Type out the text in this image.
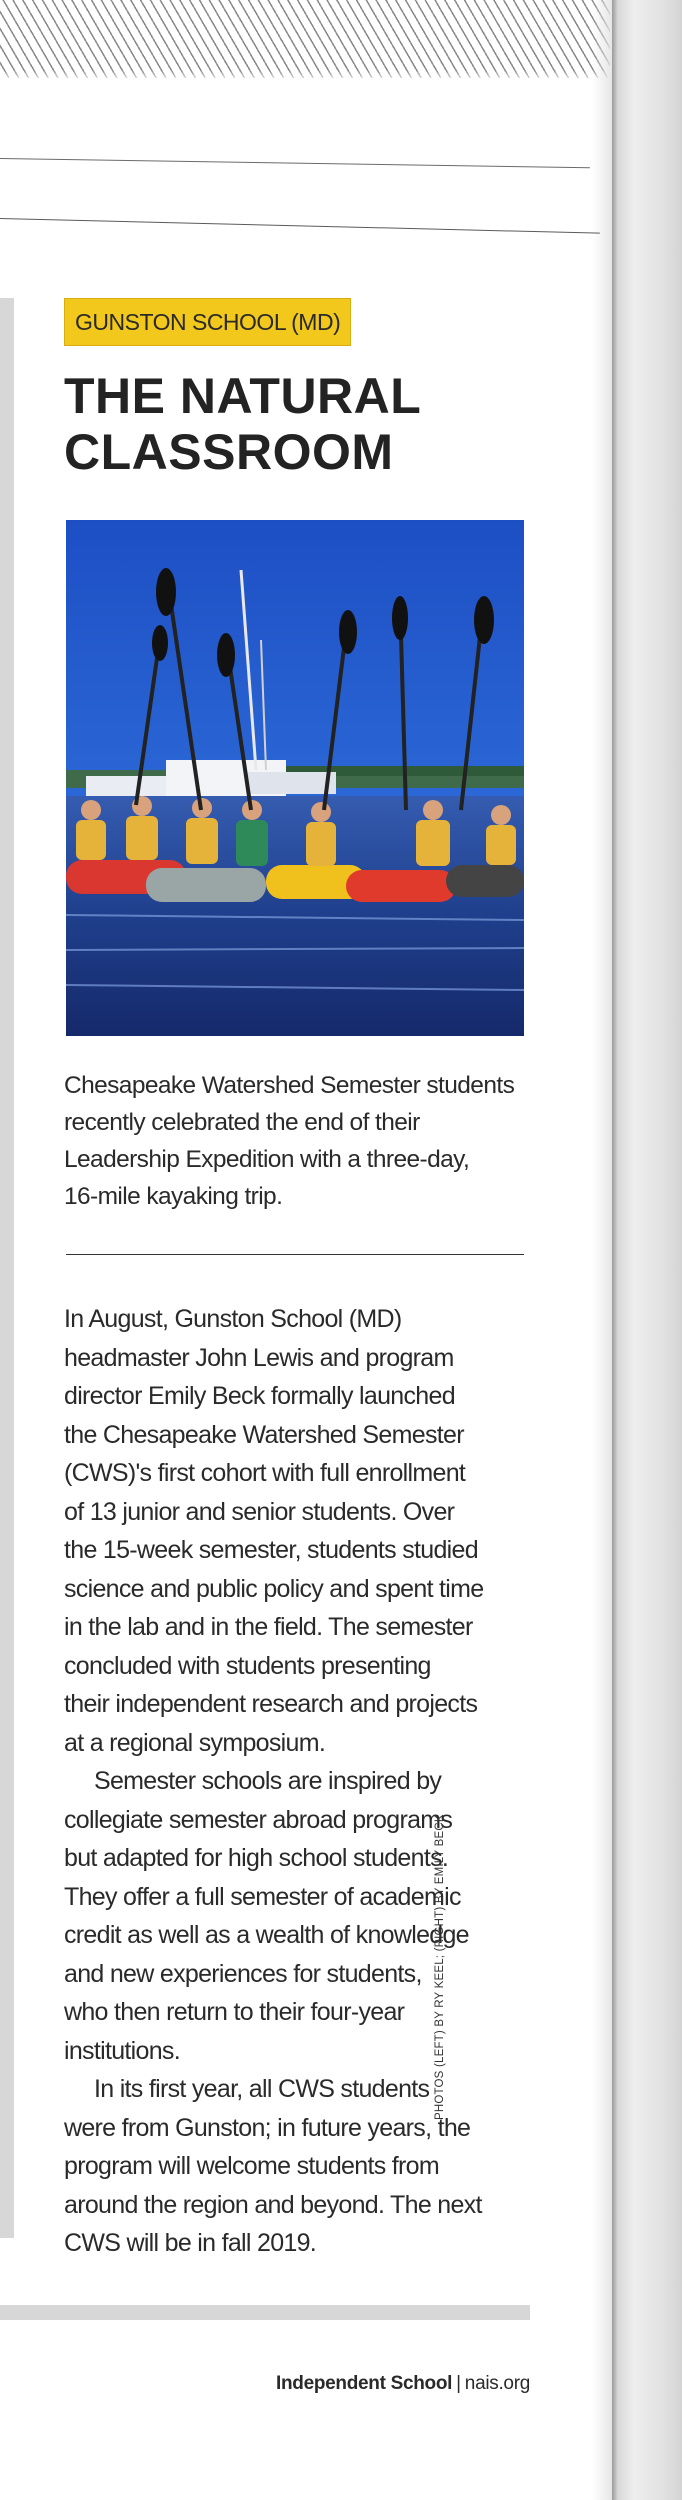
GUNSTON SCHOOL (MD)
THE NATURAL
CLASSROOM
Chesapeake Watershed Semester students
recently celebrated the end of their
Leadership Expedition with a three-day,
16-mile kayaking trip.

In August, Gunston School (MD)
headmaster John Lewis and program
director Emily Beck formally launched
the Chesapeake Watershed Semester
(CWS)'s first cohort with full enrollment
of 13 junior and senior students. Over
the 15-week semester, students studied
science and public policy and spent time
in the lab and in the field. The semester
concluded with students presenting
their independent research and projects
at a regional symposium.

Semester schools are inspired by
collegiate semester abroad programs
but adapted for high school students.
They offer a full semester of academic
credit as well as a wealth of knowledge
and new experiences for students,
who then return to their four-year
institutions.

In its first year, all CWS students
were from Gunston; in future years, the
program will welcome students from
around the region and beyond. The next
CWS will be in fall 2019.

PHOTOS (LEFT) BY RY KEEL; (RIGHT) BY EMILY BECK
Independent School | nais.org
